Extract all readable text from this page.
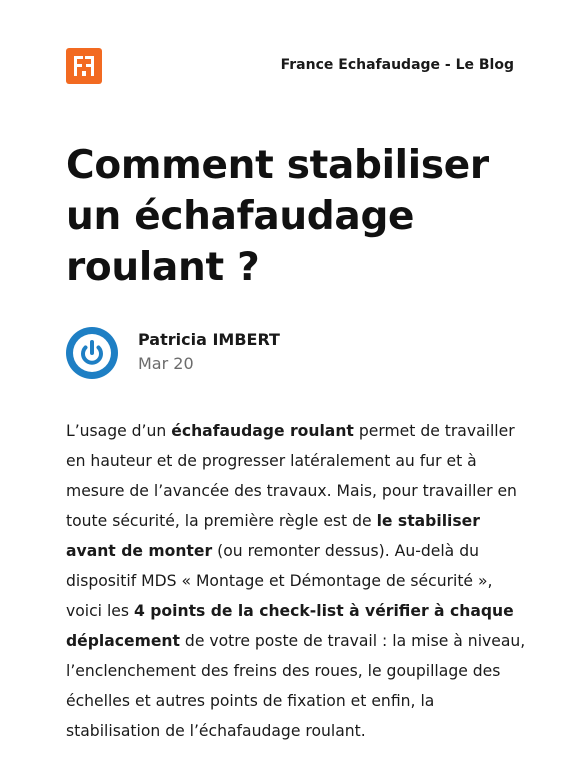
France Echafaudage - Le Blog
Comment stabiliser un échafaudage roulant ?
Patricia IMBERT
Mar 20

L’usage d’un échafaudage roulant permet de travailler en hauteur et de progresser latéralement au fur et à mesure de l’avancée des travaux. Mais, pour travailler en toute sécurité, la première règle est de le stabiliser avant de monter (ou remonter dessus). Au-delà du dispositif MDS « Montage et Démontage de sécurité », voici les 4 points de la check-list à vérifier à chaque déplacement de votre poste de travail : la mise à niveau, l’enclenchement des freins des roues, le goupillage des échelles et autres points de fixation et enfin, la stabilisation de l’échafaudage roulant.
